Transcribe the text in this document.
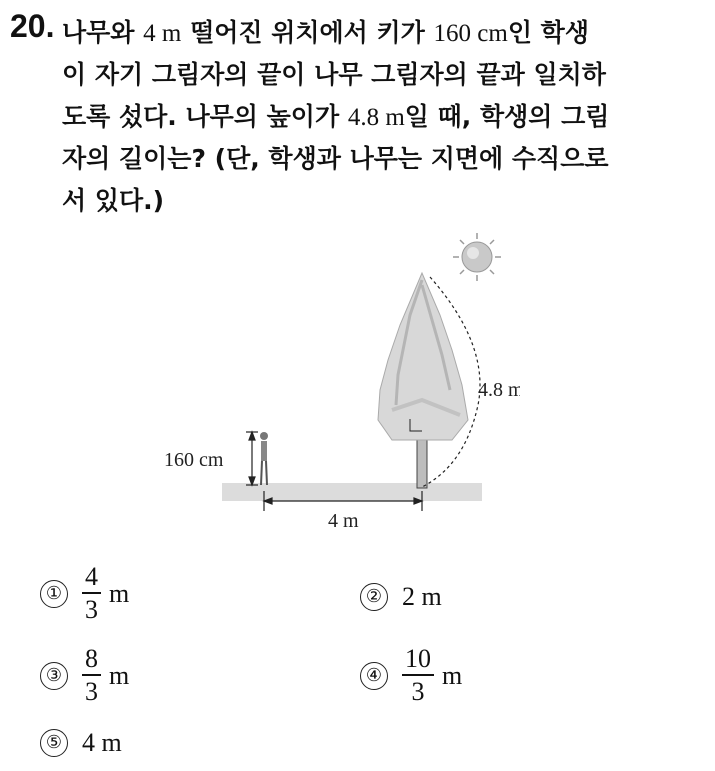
20. 나무와 4 m 떨어진 위치에서 키가 160 cm인 학생
이 자기 그림자의 끝이 나무 그림자의 끝과 일치하
도록 섰다. 나무의 높이가 4.8 m일 때, 학생의 그림
자의 길이는? (단, 학생과 나무는 지면에 수직으로
서 있다.)
4.8 m
160 cm
4 m
① $\frac{4}{3}$ m	② 2 m
③ $\frac{8}{3}$ m	④ $\frac{10}{3}$ m
⑤ 4 m
